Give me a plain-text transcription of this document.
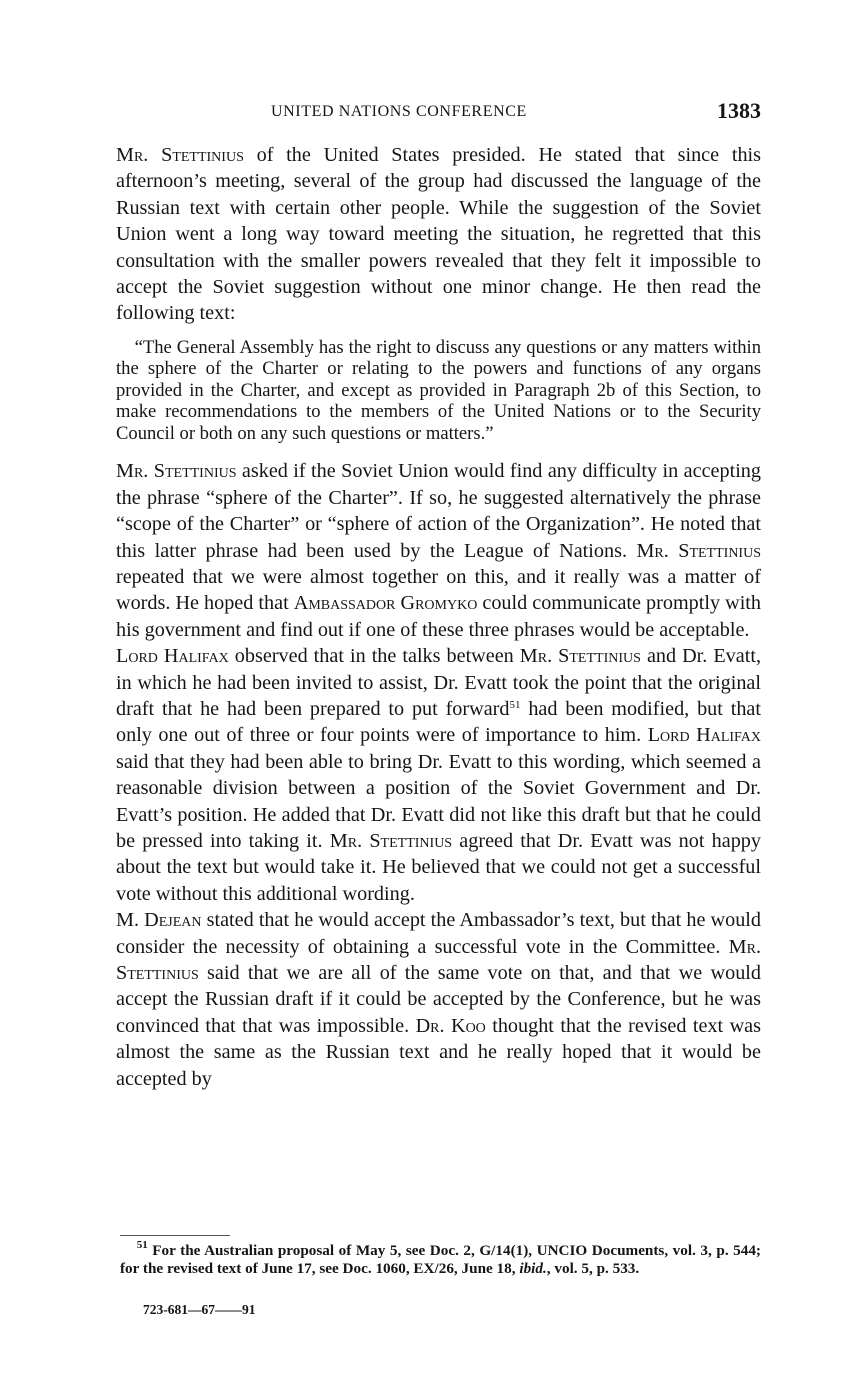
UNITED NATIONS CONFERENCE	1383

Mr. Stettinius of the United States presided. He stated that since this afternoon’s meeting, several of the group had discussed the language of the Russian text with certain other people. While the suggestion of the Soviet Union went a long way toward meeting the situation, he regretted that this consultation with the smaller powers revealed that they felt it impossible to accept the Soviet suggestion without one minor change. He then read the following text:

“The General Assembly has the right to discuss any questions or any matters within the sphere of the Charter or relating to the powers and functions of any organs provided in the Charter, and except as provided in Paragraph 2b of this Section, to make recommendations to the members of the United Nations or to the Security Council or both on any such questions or matters.”

Mr. Stettinius asked if the Soviet Union would find any difficulty in accepting the phrase “sphere of the Charter”. If so, he suggested alternatively the phrase “scope of the Charter” or “sphere of action of the Organization”. He noted that this latter phrase had been used by the League of Nations. Mr. Stettinius repeated that we were almost together on this, and it really was a matter of words. He hoped that Ambassador Gromyko could communicate promptly with his government and find out if one of these three phrases would be acceptable.

Lord Halifax observed that in the talks between Mr. Stettinius and Dr. Evatt, in which he had been invited to assist, Dr. Evatt took the point that the original draft that he had been prepared to put forward$^{51}$ had been modified, but that only one out of three or four points were of importance to him. Lord Halifax said that they had been able to bring Dr. Evatt to this wording, which seemed a reasonable division between a position of the Soviet Government and Dr. Evatt’s position. He added that Dr. Evatt did not like this draft but that he could be pressed into taking it. Mr. Stettinius agreed that Dr. Evatt was not happy about the text but would take it. He believed that we could not get a successful vote without this additional wording.

M. Dejean stated that he would accept the Ambassador’s text, but that he would consider the necessity of obtaining a successful vote in the Committee. Mr. Stettinius said that we are all of the same vote on that, and that we would accept the Russian draft if it could be accepted by the Conference, but he was convinced that that was impossible. Dr. Koo thought that the revised text was almost the same as the Russian text and he really hoped that it would be accepted by

$^{51}$ For the Australian proposal of May 5, see Doc. 2, G/14(1), UNCIO Documents, vol. 3, p. 544; for the revised text of June 17, see Doc. 1060, EX/26, June 18, ibid., vol. 5, p. 533.
723-681—67——91
